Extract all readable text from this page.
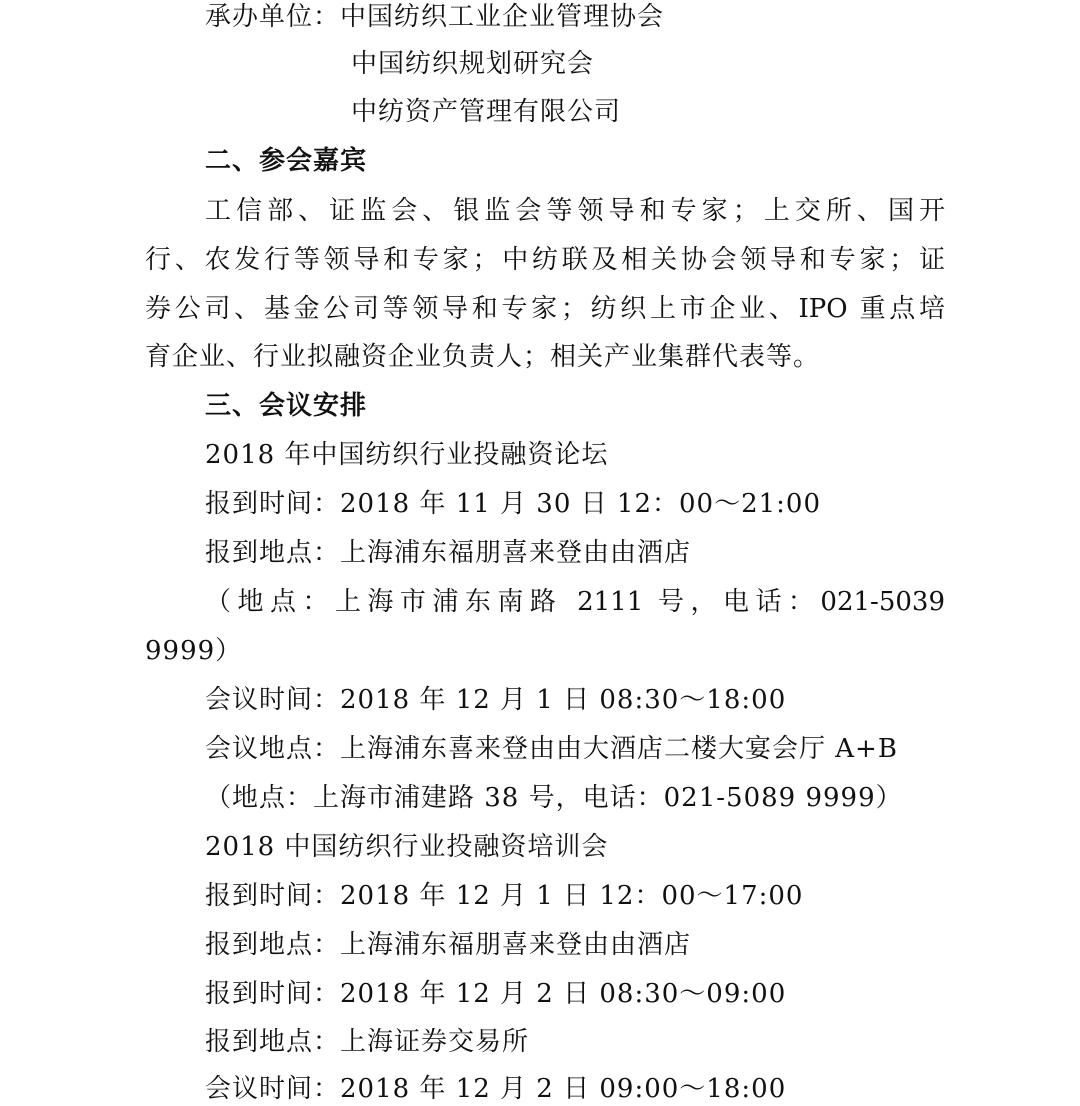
承办单位：中国纺织工业企业管理协会
中国纺织规划研究会
中纺资产管理有限公司
二、参会嘉宾
工信部、证监会、银监会等领导和专家；上交所、国开
行、农发行等领导和专家；中纺联及相关协会领导和专家；证
券公司、基金公司等领导和专家；纺织上市企业、IPO 重点培
育企业、行业拟融资企业负责人；相关产业集群代表等。
三、会议安排
2018 年中国纺织行业投融资论坛
报到时间：2018 年 11 月 30 日 12：00～21:00
报到地点：上海浦东福朋喜来登由由酒店
（地点：上海市浦东南路 2111 号，电话：021-5039
9999）
会议时间：2018 年 12 月 1 日 08:30～18:00
会议地点：上海浦东喜来登由由大酒店二楼大宴会厅 A+B
（地点：上海市浦建路 38 号，电话：021-5089 9999）
2018 中国纺织行业投融资培训会
报到时间：2018 年 12 月 1 日 12：00～17:00
报到地点：上海浦东福朋喜来登由由酒店
报到时间：2018 年 12 月 2 日 08:30～09:00
报到地点：上海证券交易所
会议时间：2018 年 12 月 2 日 09:00～18:00
